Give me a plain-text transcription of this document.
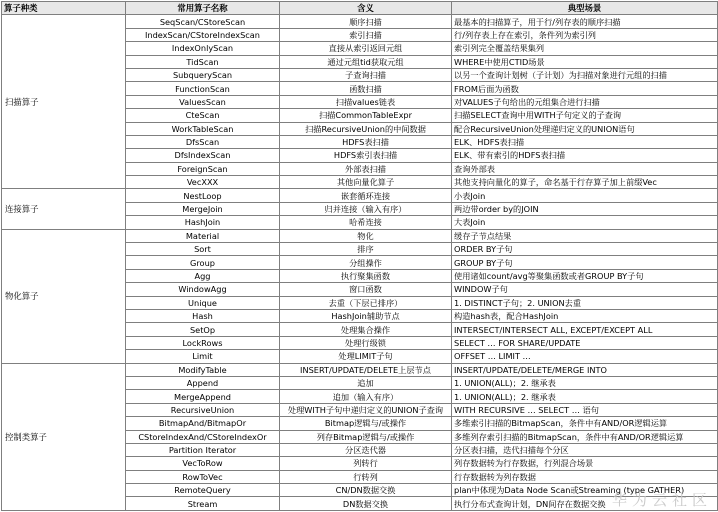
算子种类	常用算子名称	含义	典型场景
扫描算子	SeqScan/CStoreScan	顺序扫描	最基本的扫描算子，用于行/列存表的顺序扫描
	IndexScan/CStoreIndexScan	索引扫描	行/列存表上存在索引，条件列为索引列
	IndexOnlyScan	直接从索引返回元组	索引列完全覆盖结果集列
	TidScan	通过元组tid获取元组	WHERE中使用CTID场景
	SubqueryScan	子查询扫描	以另一个查询计划树（子计划）为扫描对象进行元组的扫描
	FunctionScan	函数扫描	FROM后面为函数
	ValuesScan	扫描values链表	对VALUES子句给出的元组集合进行扫描
	CteScan	扫描CommonTableExpr	扫描SELECT查询中用WITH子句定义的子查询
	WorkTableScan	扫描RecursiveUnion的中间数据	配合RecursiveUnion处理递归定义的UNION语句
	DfsScan	HDFS表扫描	ELK、HDFS表扫描
	DfsIndexScan	HDFS索引表扫描	ELK、带有索引的HDFS表扫描
	ForeignScan	外部表扫描	查询外部表
	VecXXX	其他向量化算子	其他支持向量化的算子，命名基于行存算子加上前缀Vec
连接算子	NestLoop	嵌套循环连接	小表Join
	MergeJoin	归并连接（输入有序）	两边带order by的JOIN
	HashJoin	哈希连接	大表Join
物化算子	Material	物化	缓存子节点结果
	Sort	排序	ORDER BY子句
	Group	分组操作	GROUP BY子句
	Agg	执行聚集函数	使用诸如count/avg等聚集函数或者GROUP BY子句
	WindowAgg	窗口函数	WINDOW子句
	Unique	去重（下层已排序）	1. DISTINCT子句；2. UNION去重
	Hash	HashJoin辅助节点	构造hash表，配合HashJoin
	SetOp	处理集合操作	INTERSECT/INTERSECT ALL, EXCEPT/EXCEPT ALL
	LockRows	处理行级锁	SELECT … FOR SHARE/UPDATE
	Limit	处理LIMIT子句	OFFSET … LIMIT …
控制类算子	ModifyTable	INSERT/UPDATE/DELETE上层节点	INSERT/UPDATE/DELETE/MERGE INTO
	Append	追加	1. UNION(ALL)；2. 继承表
	MergeAppend	追加（输入有序）	1. UNION(ALL)；2. 继承表
	RecursiveUnion	处理WITH子句中递归定义的UNION子查询	WITH RECURSIVE … SELECT … 语句
	BitmapAnd/BitmapOr	Bitmap逻辑与/或操作	多维索引扫描的BitmapScan，条件中有AND/OR逻辑运算
	CStoreIndexAnd/CStoreIndexOr	列存Bitmap逻辑与/或操作	多维列存索引扫描的BitmapScan，条件中有AND/OR逻辑运算
	Partition Iterator	分区迭代器	分区表扫描，迭代扫描每个分区
	VecToRow	列转行	列存数据转为行存数据，行列混合场景
	RowToVec	行转列	行存数据转为列存数据
	RemoteQuery	CN/DN数据交换	plan中体现为Data Node Scan或Streaming (type GATHER)
	Stream	DN数据交换	执行分布式查询计划，DN间存在数据交换 华为云社区
